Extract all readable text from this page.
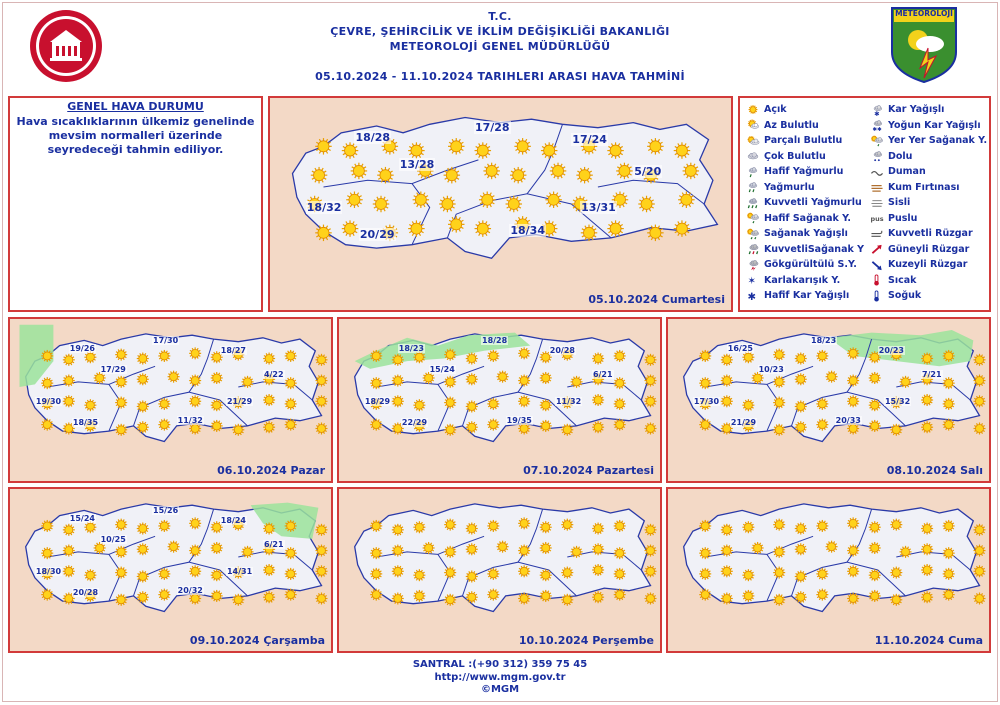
T.C.
ÇEVRE, ŞEHİRCİLİK VE İKLİM DEĞİŞİKLİĞİ BAKANLIĞI
METEOROLOJİ GENEL MÜDÜRLÜĞÜ
05.10.2024 - 11.10.2024 TARIHLERI ARASI HAVA TAHMİNİ
METEOROLOJİ
GENEL HAVA DURUMU
Hava sıcaklıklarının ülkemiz genelinde mevsim normalleri üzerinde seyredeceği tahmin ediliyor.
Açık	✱ Kar Yağışlı
Az Bulutlu	✱✱ Yoğun Kar Yağışlı
Parçalı Bulutlu	Yer Yer Sağanak Y.
Çok Bulutlu	Dolu
Hafif Yağmurlu	Duman
Yağmurlu	Kum Fırtınası
Kuvvetli Yağmurlu	Sisli
Hafif Sağanak Y.	pus Puslu
Sağanak Yağışlı	Kuvvetli Rüzgar
KuvvetliSağanak Y	Güneyli Rüzgar
Gökgürültülü S.Y.	Kuzeyli Rüzgar
✶ Karlakarışık Y.	Sıcak
✱ Hafif Kar Yağışlı	Soğuk
05.10.2024 Cumartesi
18/28
17/28
17/24
13/28
5/20
18/32
20/29	18/34
13/31
06.10.2024 Pazar
19/26
17/30
18/27
17/29
4/22
19/30
18/35	11/32
21/29
07.10.2024 Pazartesi
18/23
18/28
20/28
15/24
6/21
18/29
22/29	19/35
11/32
08.10.2024 Salı
16/25
18/23
20/23
10/23
7/21
17/30
21/29	20/33
15/32
09.10.2024 Çarşamba
15/24
15/26
18/24
10/25
6/21
18/30
20/28	20/32
14/31
10.10.2024 Perşembe	11.10.2024 Cuma
SANTRAL :(+90 312) 359 75 45
http://www.mgm.gov.tr
©MGM
